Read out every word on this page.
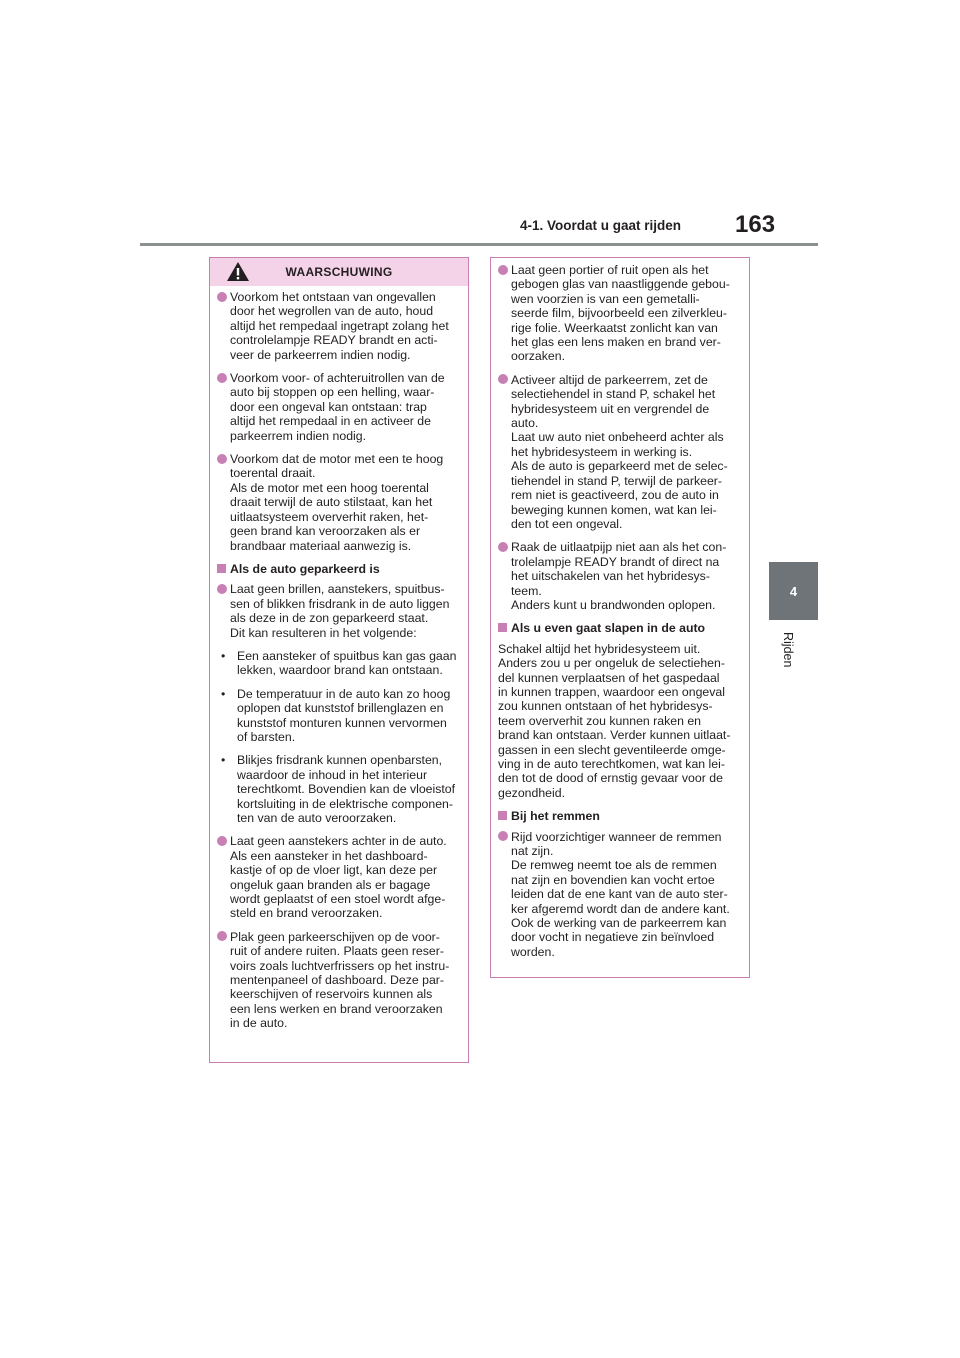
4-1. Voordat u gaat rijden 163
4
Rijden
WAARSCHUWING
Voorkom het ontstaan van ongevallen
door het wegrollen van de auto, houd
altijd het rempedaal ingetrapt zolang het
controlelampje READY brandt en acti-
veer de parkeerrem indien nodig.
Voorkom voor- of achteruitrollen van de
auto bij stoppen op een helling, waar-
door een ongeval kan ontstaan: trap
altijd het rempedaal in en activeer de
parkeerrem indien nodig.
Voorkom dat de motor met een te hoog
toerental draait.
Als de motor met een hoog toerental
draait terwijl de auto stilstaat, kan het
uitlaatsysteem oververhit raken, het-
geen brand kan veroorzaken als er
brandbaar materiaal aanwezig is.
Als de auto geparkeerd is
Laat geen brillen, aanstekers, spuitbus-
sen of blikken frisdrank in de auto liggen
als deze in de zon geparkeerd staat.
Dit kan resulteren in het volgende:
• Een aansteker of spuitbus kan gas gaan
lekken, waardoor brand kan ontstaan.
• De temperatuur in de auto kan zo hoog
oplopen dat kunststof brillenglazen en
kunststof monturen kunnen vervormen
of barsten.
• Blikjes frisdrank kunnen openbarsten,
waardoor de inhoud in het interieur
terechtkomt. Bovendien kan de vloeistof
kortsluiting in de elektrische componen-
ten van de auto veroorzaken.
Laat geen aanstekers achter in de auto.
Als een aansteker in het dashboard-
kastje of op de vloer ligt, kan deze per
ongeluk gaan branden als er bagage
wordt geplaatst of een stoel wordt afge-
steld en brand veroorzaken.
Plak geen parkeerschijven op de voor-
ruit of andere ruiten. Plaats geen reser-
voirs zoals luchtverfrissers op het instru-
mentenpaneel of dashboard. Deze par-
keerschijven of reservoirs kunnen als
een lens werken en brand veroorzaken
in de auto.
Laat geen portier of ruit open als het
gebogen glas van naastliggende gebou-
wen voorzien is van een gemetalli-
seerde film, bijvoorbeeld een zilverkleu-
rige folie. Weerkaatst zonlicht kan van
het glas een lens maken en brand ver-
oorzaken.
Activeer altijd de parkeerrem, zet de
selectiehendel in stand P, schakel het
hybridesysteem uit en vergrendel de
auto.
Laat uw auto niet onbeheerd achter als
het hybridesysteem in werking is.
Als de auto is geparkeerd met de selec-
tiehendel in stand P, terwijl de parkeer-
rem niet is geactiveerd, zou de auto in
beweging kunnen komen, wat kan lei-
den tot een ongeval.
Raak de uitlaatpijp niet aan als het con-
trolelampje READY brandt of direct na
het uitschakelen van het hybridesys-
teem.
Anders kunt u brandwonden oplopen.
Als u even gaat slapen in de auto
Schakel altijd het hybridesysteem uit.
Anders zou u per ongeluk de selectiehen-
del kunnen verplaatsen of het gaspedaal
in kunnen trappen, waardoor een ongeval
zou kunnen ontstaan of het hybridesys-
teem oververhit zou kunnen raken en
brand kan ontstaan. Verder kunnen uitlaat-
gassen in een slecht geventileerde omge-
ving in de auto terechtkomen, wat kan lei-
den tot de dood of ernstig gevaar voor de
gezondheid.
Bij het remmen
Rijd voorzichtiger wanneer de remmen
nat zijn.
De remweg neemt toe als de remmen
nat zijn en bovendien kan vocht ertoe
leiden dat de ene kant van de auto ster-
ker afgeremd wordt dan de andere kant.
Ook de werking van de parkeerrem kan
door vocht in negatieve zin beïnvloed
worden.
